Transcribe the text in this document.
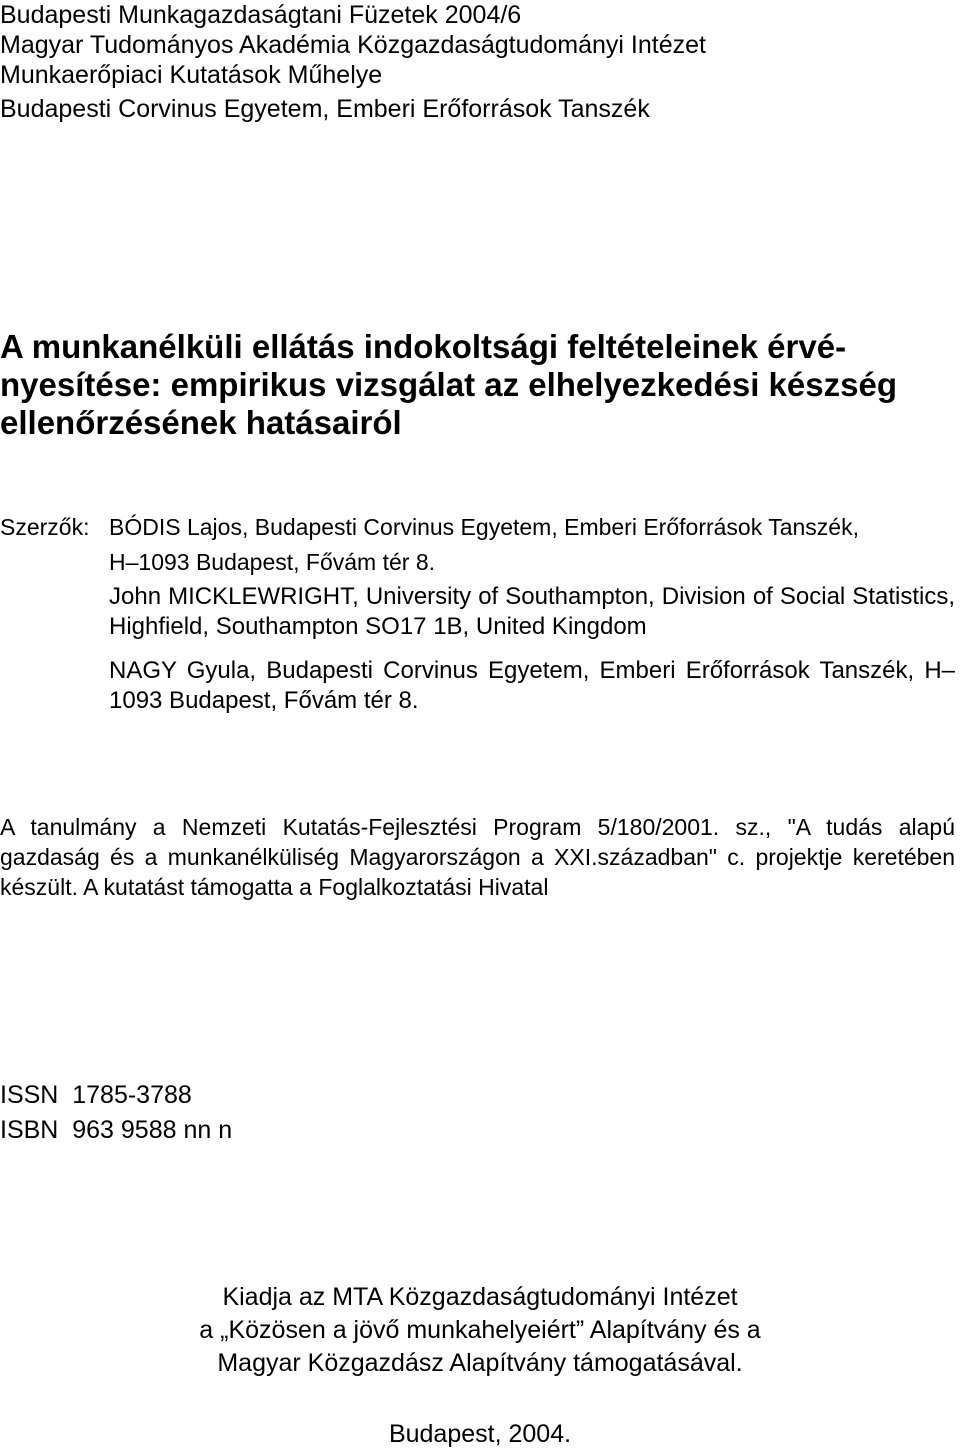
Budapesti Munkagazdaságtani Füzetek 2004/6
Magyar Tudományos Akadémia Közgazdaságtudományi Intézet
Munkaerőpiaci Kutatások Műhelye
Budapesti Corvinus Egyetem, Emberi Erőforrások Tanszék
A munkanélküli ellátás indokoltsági feltételeinek érvé-
nyesítése: empirikus vizsgálat az elhelyezkedési készség
ellenőrzésének hatásairól
Szerzők: BÓDIS Lajos, Budapesti Corvinus Egyetem, Emberi Erőforrások Tanszék,
H–1093 Budapest, Fővám tér 8.
John MICKLEWRIGHT, University of Southampton, Division of Social Statistics, Highfield, Southampton SO17 1B, United Kingdom
NAGY Gyula, Budapesti Corvinus Egyetem, Emberi Erőforrások Tanszék, H–1093 Budapest, Fővám tér 8.
A tanulmány a Nemzeti Kutatás-Fejlesztési Program 5/180/2001. sz., "A tudás alapú gazdaság és a munkanélküliség Magyarországon a XXI.században" c. projektje keretében készült. A kutatást támogatta a Foglalkoztatási Hivatal
ISSN  1785-3788
ISBN  963 9588 nn n
Kiadja az MTA Közgazdaságtudományi Intézet
a „Közösen a jövő munkahelyeiért” Alapítvány és a
Magyar Közgazdász Alapítvány támogatásával.
Budapest, 2004.
